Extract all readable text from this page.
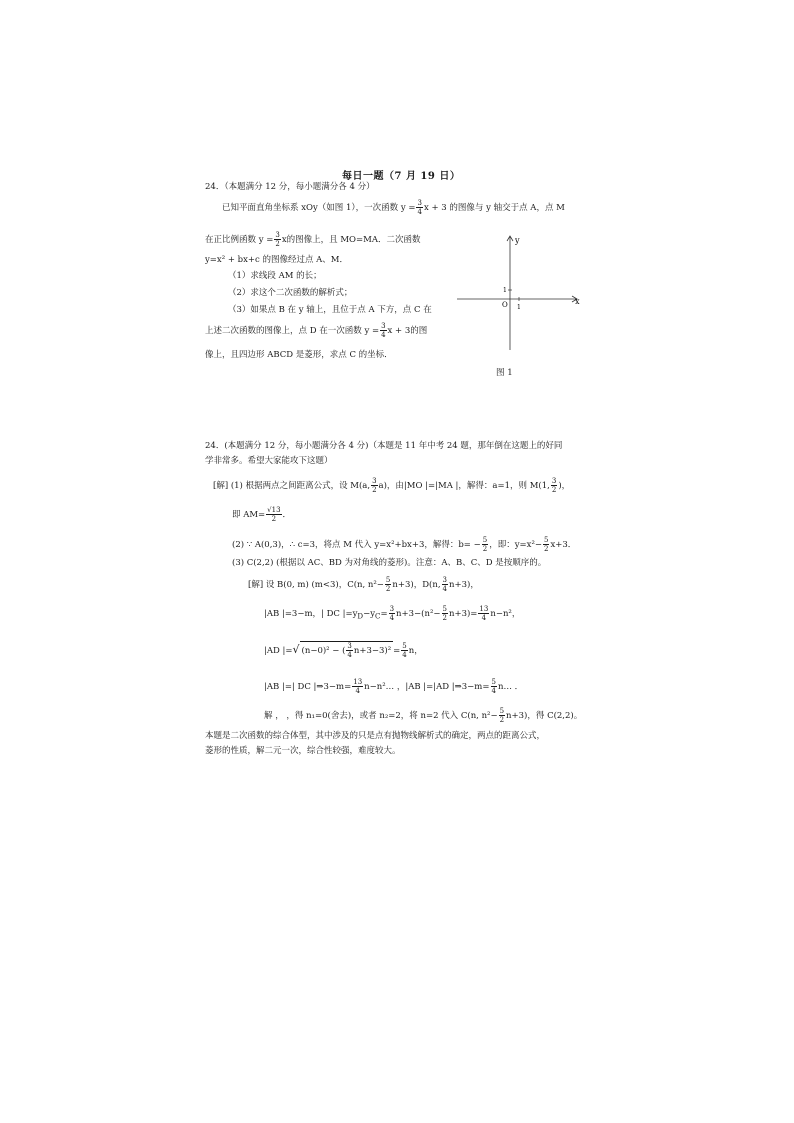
每日一题（7 月 19 日）
24．（本题满分 12 分，每小题满分各 4 分）
已知平面直角坐标系 xOy（如图 1），一次函数 $y = \frac{3}{4}$ x + 3 的图像与 y 轴交于点 A，点 M
在正比例函数 $y = \frac{3}{2}$ x的图像上，且 MO=MA．二次函数
y=x² + bx+c 的图像经过点 A、M．
（1）求线段 AM 的长；
（2）求这个二次函数的解析式；
（3）如果点 B 在 y 轴上，且位于点 A 下方，点 C 在
上述二次函数的图像上，点 D 在一次函数 $y = \frac{3}{4}$ x + 3的图
像上，且四边形 ABCD 是菱形，求点 C 的坐标．
y
x
O 1
1
图 1
24．(本题满分 12 分，每小题满分各 4 分)（本题是 11 年中考 24 题，那年倒在这题上的好同
学非常多。希望大家能攻下这题）
[解] (1) 根据两点之间距离公式，设 M(a, $\frac{3}{2} a$)，由|MO |=|MA |，解得：a=1，则 M(1, $\frac{3}{2}$ )，
即 $AM= \frac{√13}{2}$ ．
(2) ∵ A(0,3)，∴ c=3，将点 M 代入 y=x²+bx+3，解得：$b= - \frac{5}{2}$ ，即：$y=x^2- \frac{5}{2} x+3$．
(3) C(2,2) (根据以 AC、BD 为对角线的菱形)。注意：A、B、C、D 是按顺序的。
[解] 设 B(0, m) (m<3)，C(n, $n^2- \frac{5}{2} n+3$)，D(n, $\frac{3}{4} n+3$)，
|AB |=3−m，| DC $|=y_D-y_C= \frac{3}{4} n+3-(n^2- \frac{5}{2} n+3)= \frac{13}{4} n-n^2$，
|AD |=√ (n−0)² − ( $\frac{3}{4} n+3-3)^2= \frac{5}{4}$ n，
|AB |=| DC |⇒3−m= $\frac{13}{4}$ n−n²… ，|AB |=|AD |⇒3−m= $\frac{5}{4}$ n… ．
解 ， ，得 n₁=0(舍去)，或者 n₂=2，将 n=2 代入 C(n, $n^2- \frac{5}{2} n+3$)，得 C(2,2)。
本题是二次函数的综合体型，其中涉及的只是点有抛物线解析式的确定，两点的距离公式，
菱形的性质，解二元一次，综合性较强，难度较大。
